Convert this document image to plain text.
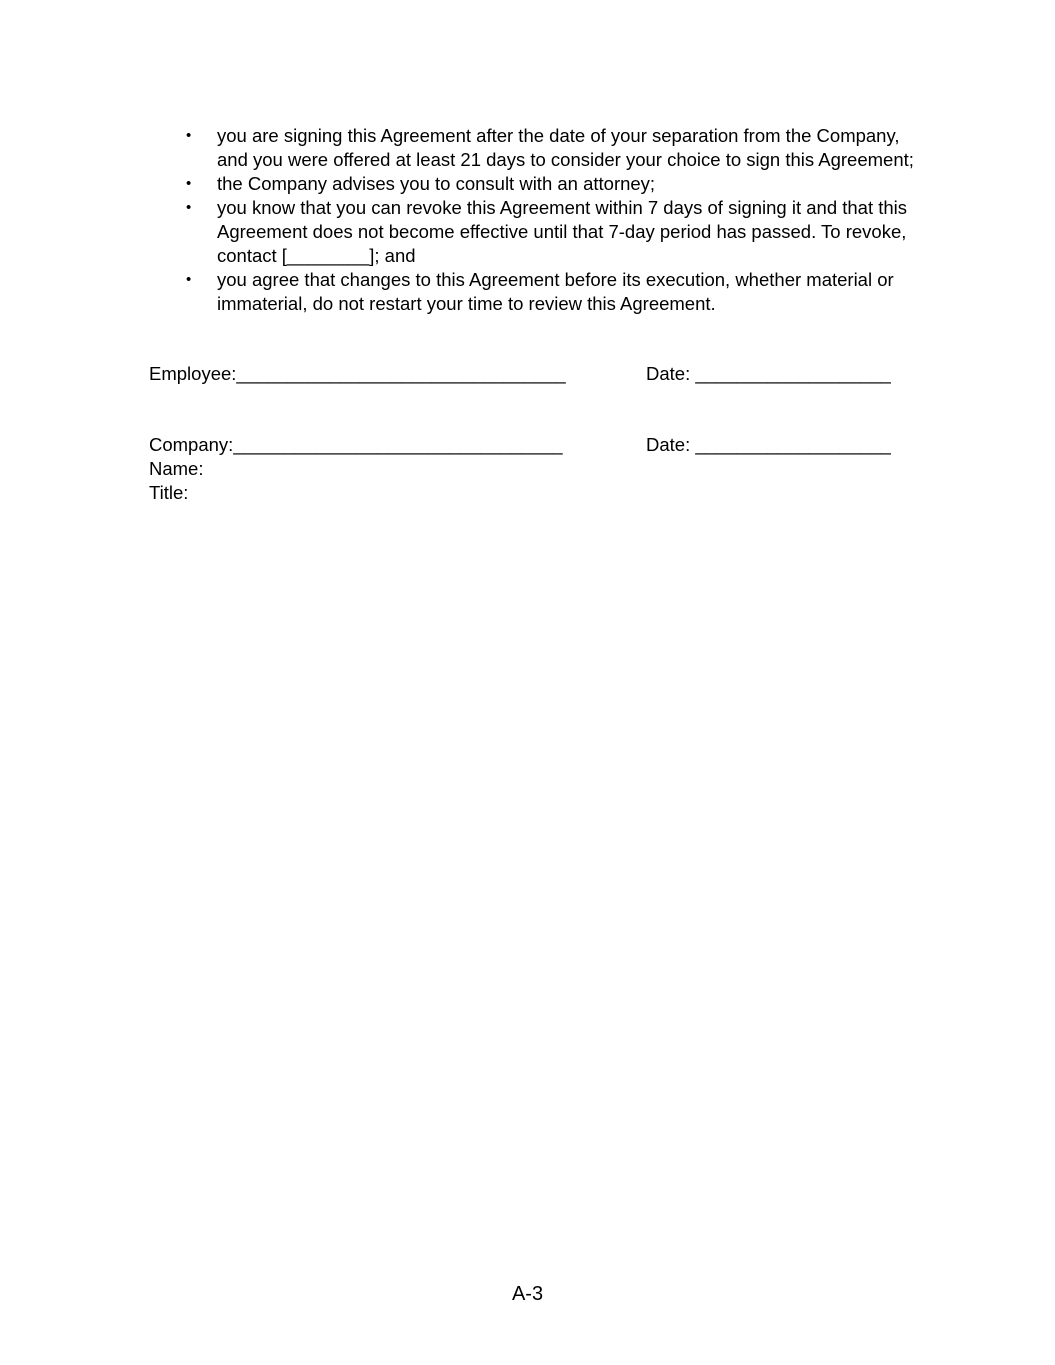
• you are signing this Agreement after the date of your separation from the Company,
and you were offered at least 21 days to consider your choice to sign this Agreement;
• the Company advises you to consult with an attorney;
• you know that you can revoke this Agreement within 7 days of signing it and that this
Agreement does not become effective until that 7-day period has passed. To revoke,
contact [________]; and
• you agree that changes to this Agreement before its execution, whether material or
immaterial, do not restart your time to review this Agreement.
Employee:________________________________	Date: ___________________
Company:________________________________	Date: ___________________
Name:
Title:
A-3
